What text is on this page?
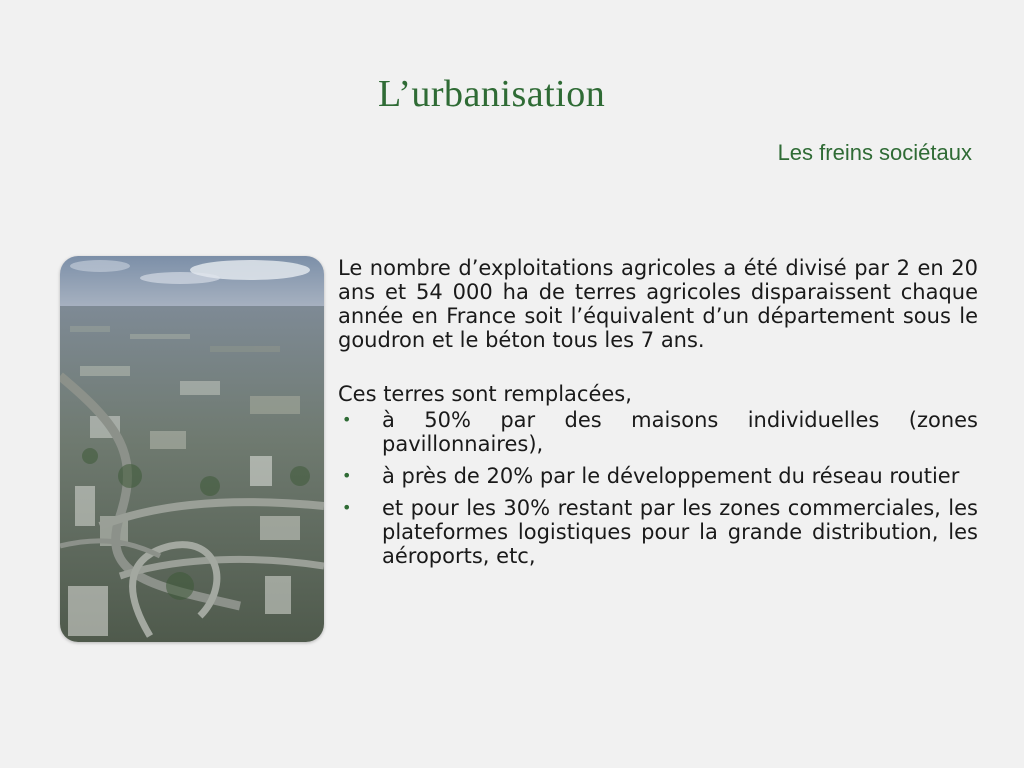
L’urbanisation
Les freins sociétaux

Le nombre d’exploitations agricoles a été divisé par 2 en 20 ans et 54 000 ha de terres agricoles disparaissent chaque année en France soit l’équivalent d’un département sous le goudron et le béton tous les 7 ans.

Ces terres sont remplacées,

• à 50% par des maisons individuelles (zones pavillonnaires),
• à près de 20% par le développement du réseau routier
• et pour les 30% restant par les zones commerciales, les plateformes logistiques pour la grande distribution, les aéroports, etc,
